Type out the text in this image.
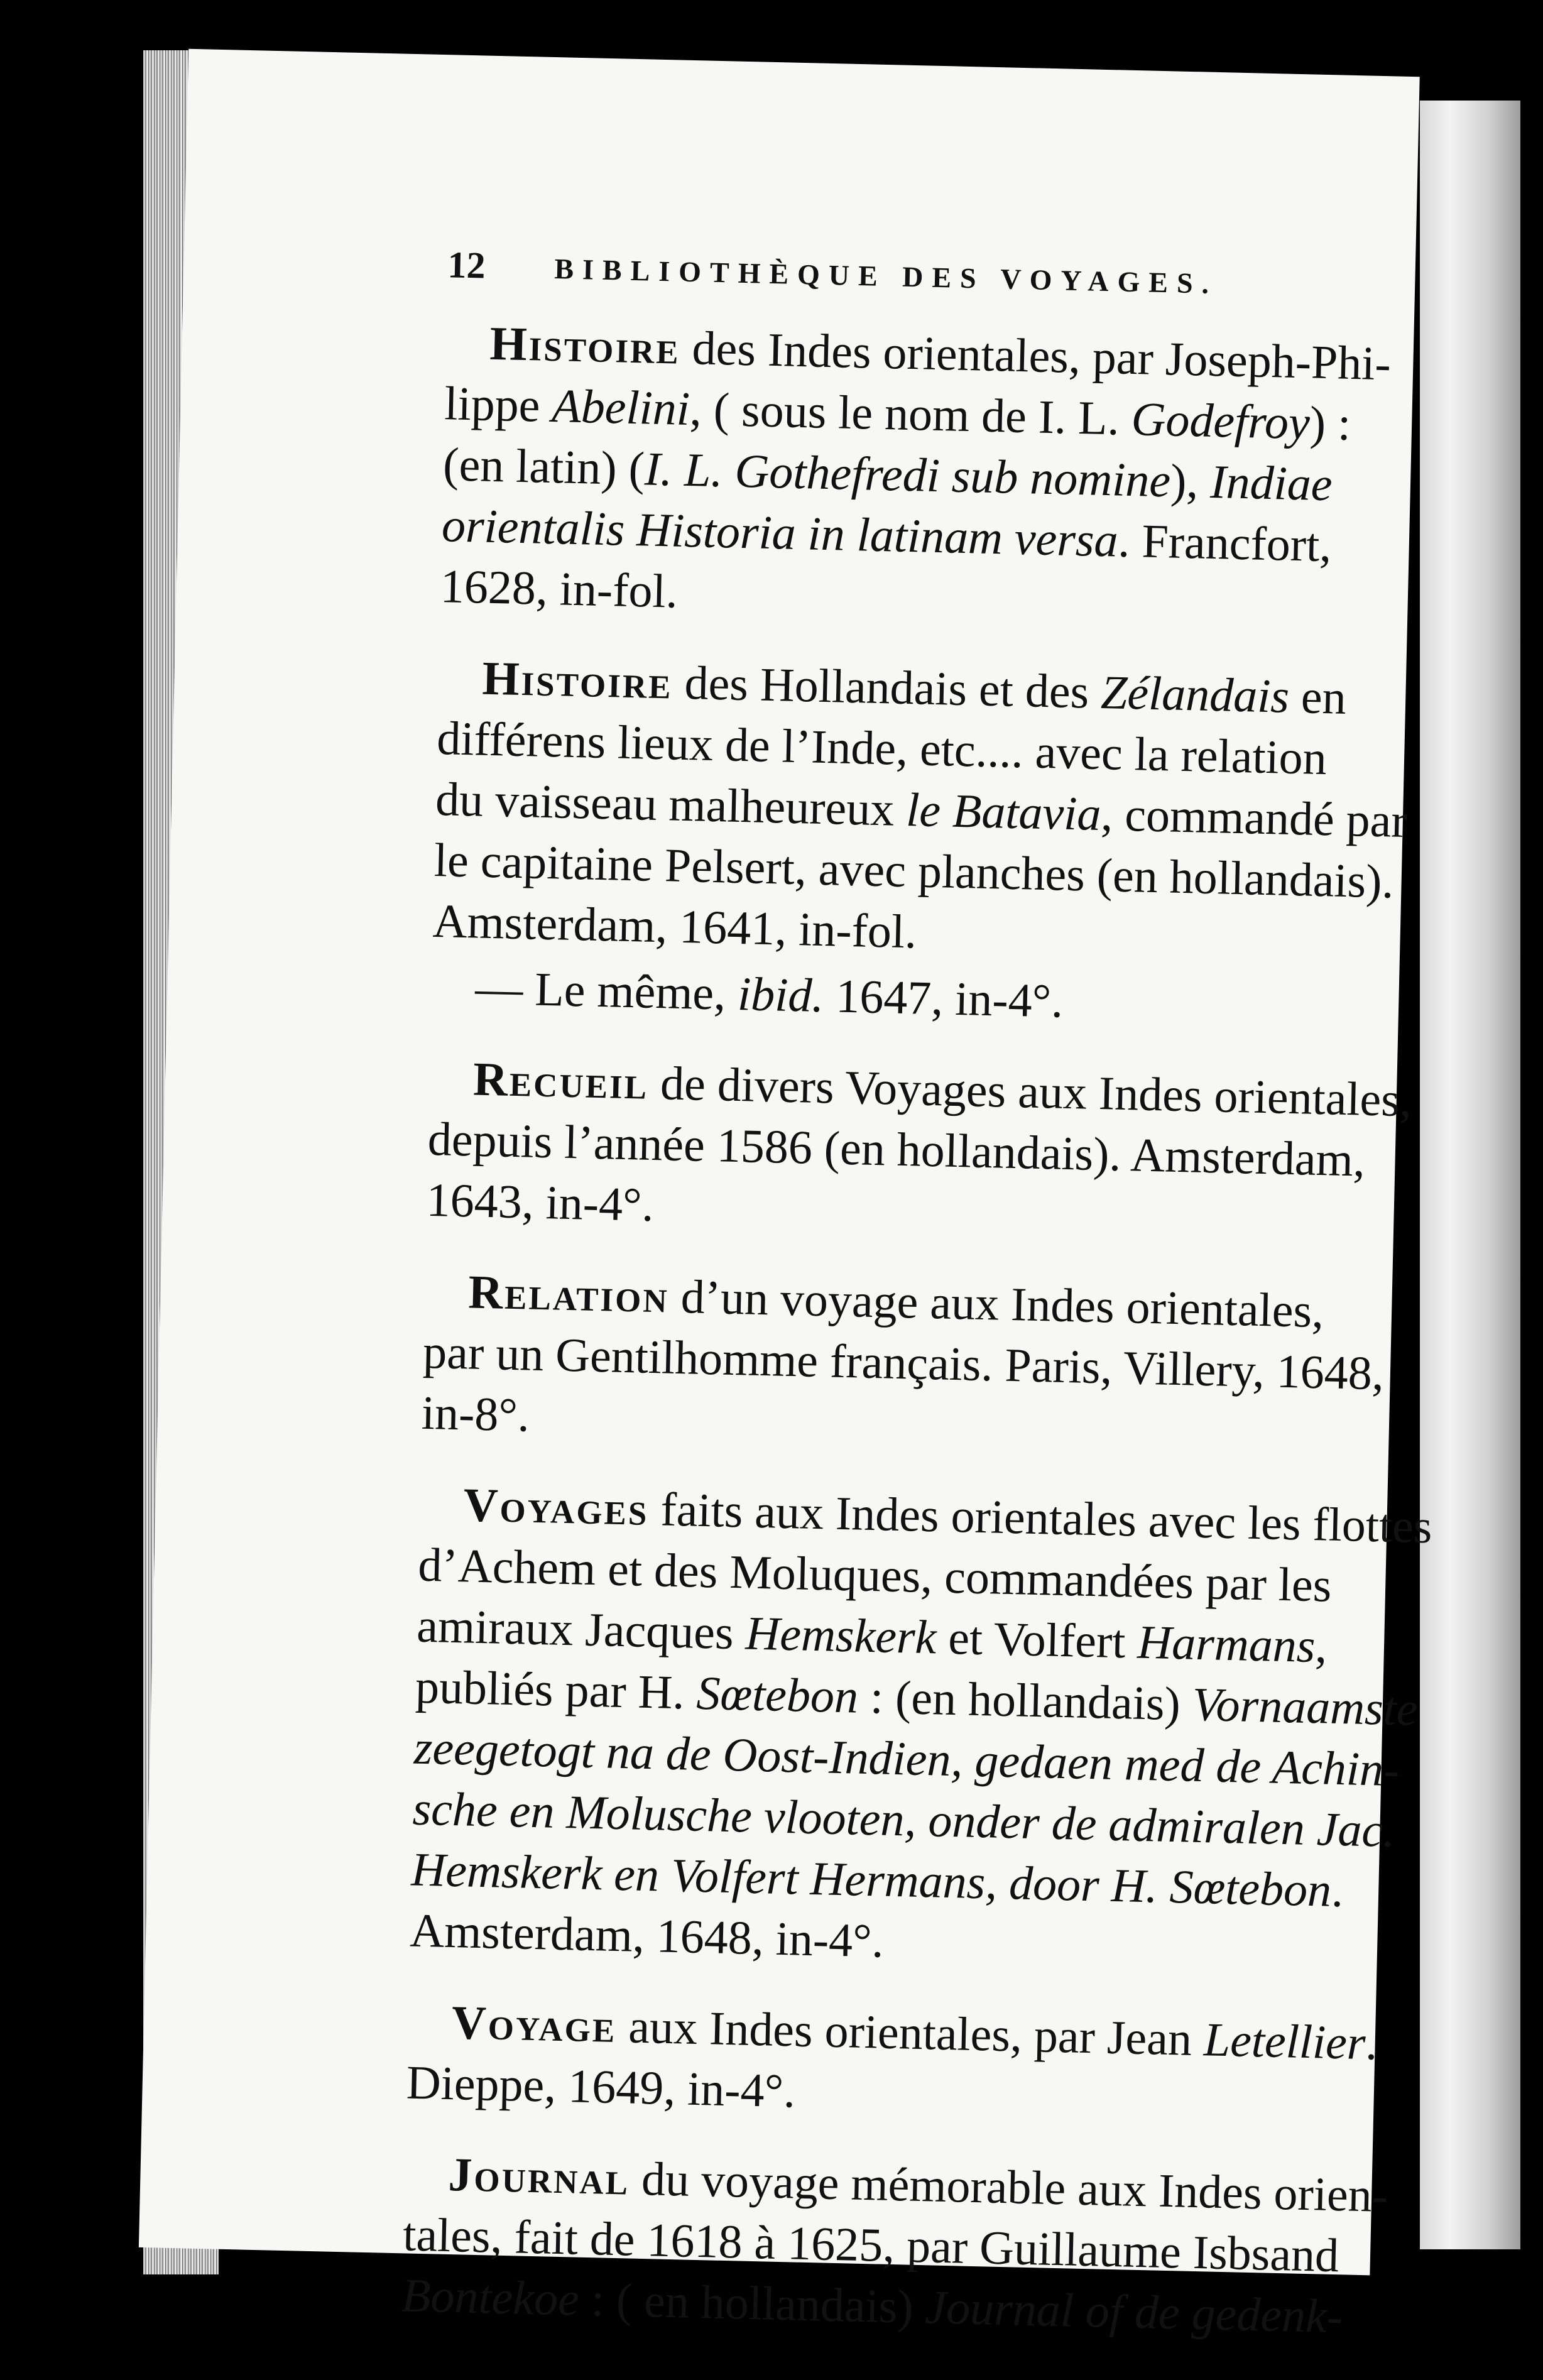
12 BIBLIOTHÈQUE DES VOYAGES.
Histoire des Indes orientales, par Joseph-Phi-
lippe Abelini, ( sous le nom de I. L. Godefroy) :
(en latin) (I. L. Gothefredi sub nomine), Indiae
orientalis Historia in latinam versa. Francfort,
1628, in-fol.
Histoire des Hollandais et des Zélandais en
différens lieux de l’Inde, etc.... avec la relation
du vaisseau malheureux le Batavia, commandé par
le capitaine Pelsert, avec planches (en hollandais).
Amsterdam, 1641, in-fol.
— Le même, ibid. 1647, in-4°.
Recueil de divers Voyages aux Indes orientales,
depuis l’année 1586 (en hollandais). Amsterdam,
1643, in-4°.
Relation d’un voyage aux Indes orientales,
par un Gentilhomme français. Paris, Villery, 1648,
in-8°.
Voyages faits aux Indes orientales avec les flottes
d’Achem et des Moluques, commandées par les
amiraux Jacques Hemskerk et Volfert Harmans,
publiés par H. Sœtebon : (en hollandais) Vornaamste
zeegetogt na de Oost-Indien, gedaen med de Achin-
sche en Molusche vlooten, onder de admiralen Jac.
Hemskerk en Volfert Hermans, door H. Sœtebon.
Amsterdam, 1648, in-4°.
Voyage aux Indes orientales, par Jean Letellier.
Dieppe, 1649, in-4°.
Journal du voyage mémorable aux Indes orien-
tales, fait de 1618 à 1625, par Guillaume Isbsand
Bontekoe : ( en hollandais) Journal of de gedenk-
